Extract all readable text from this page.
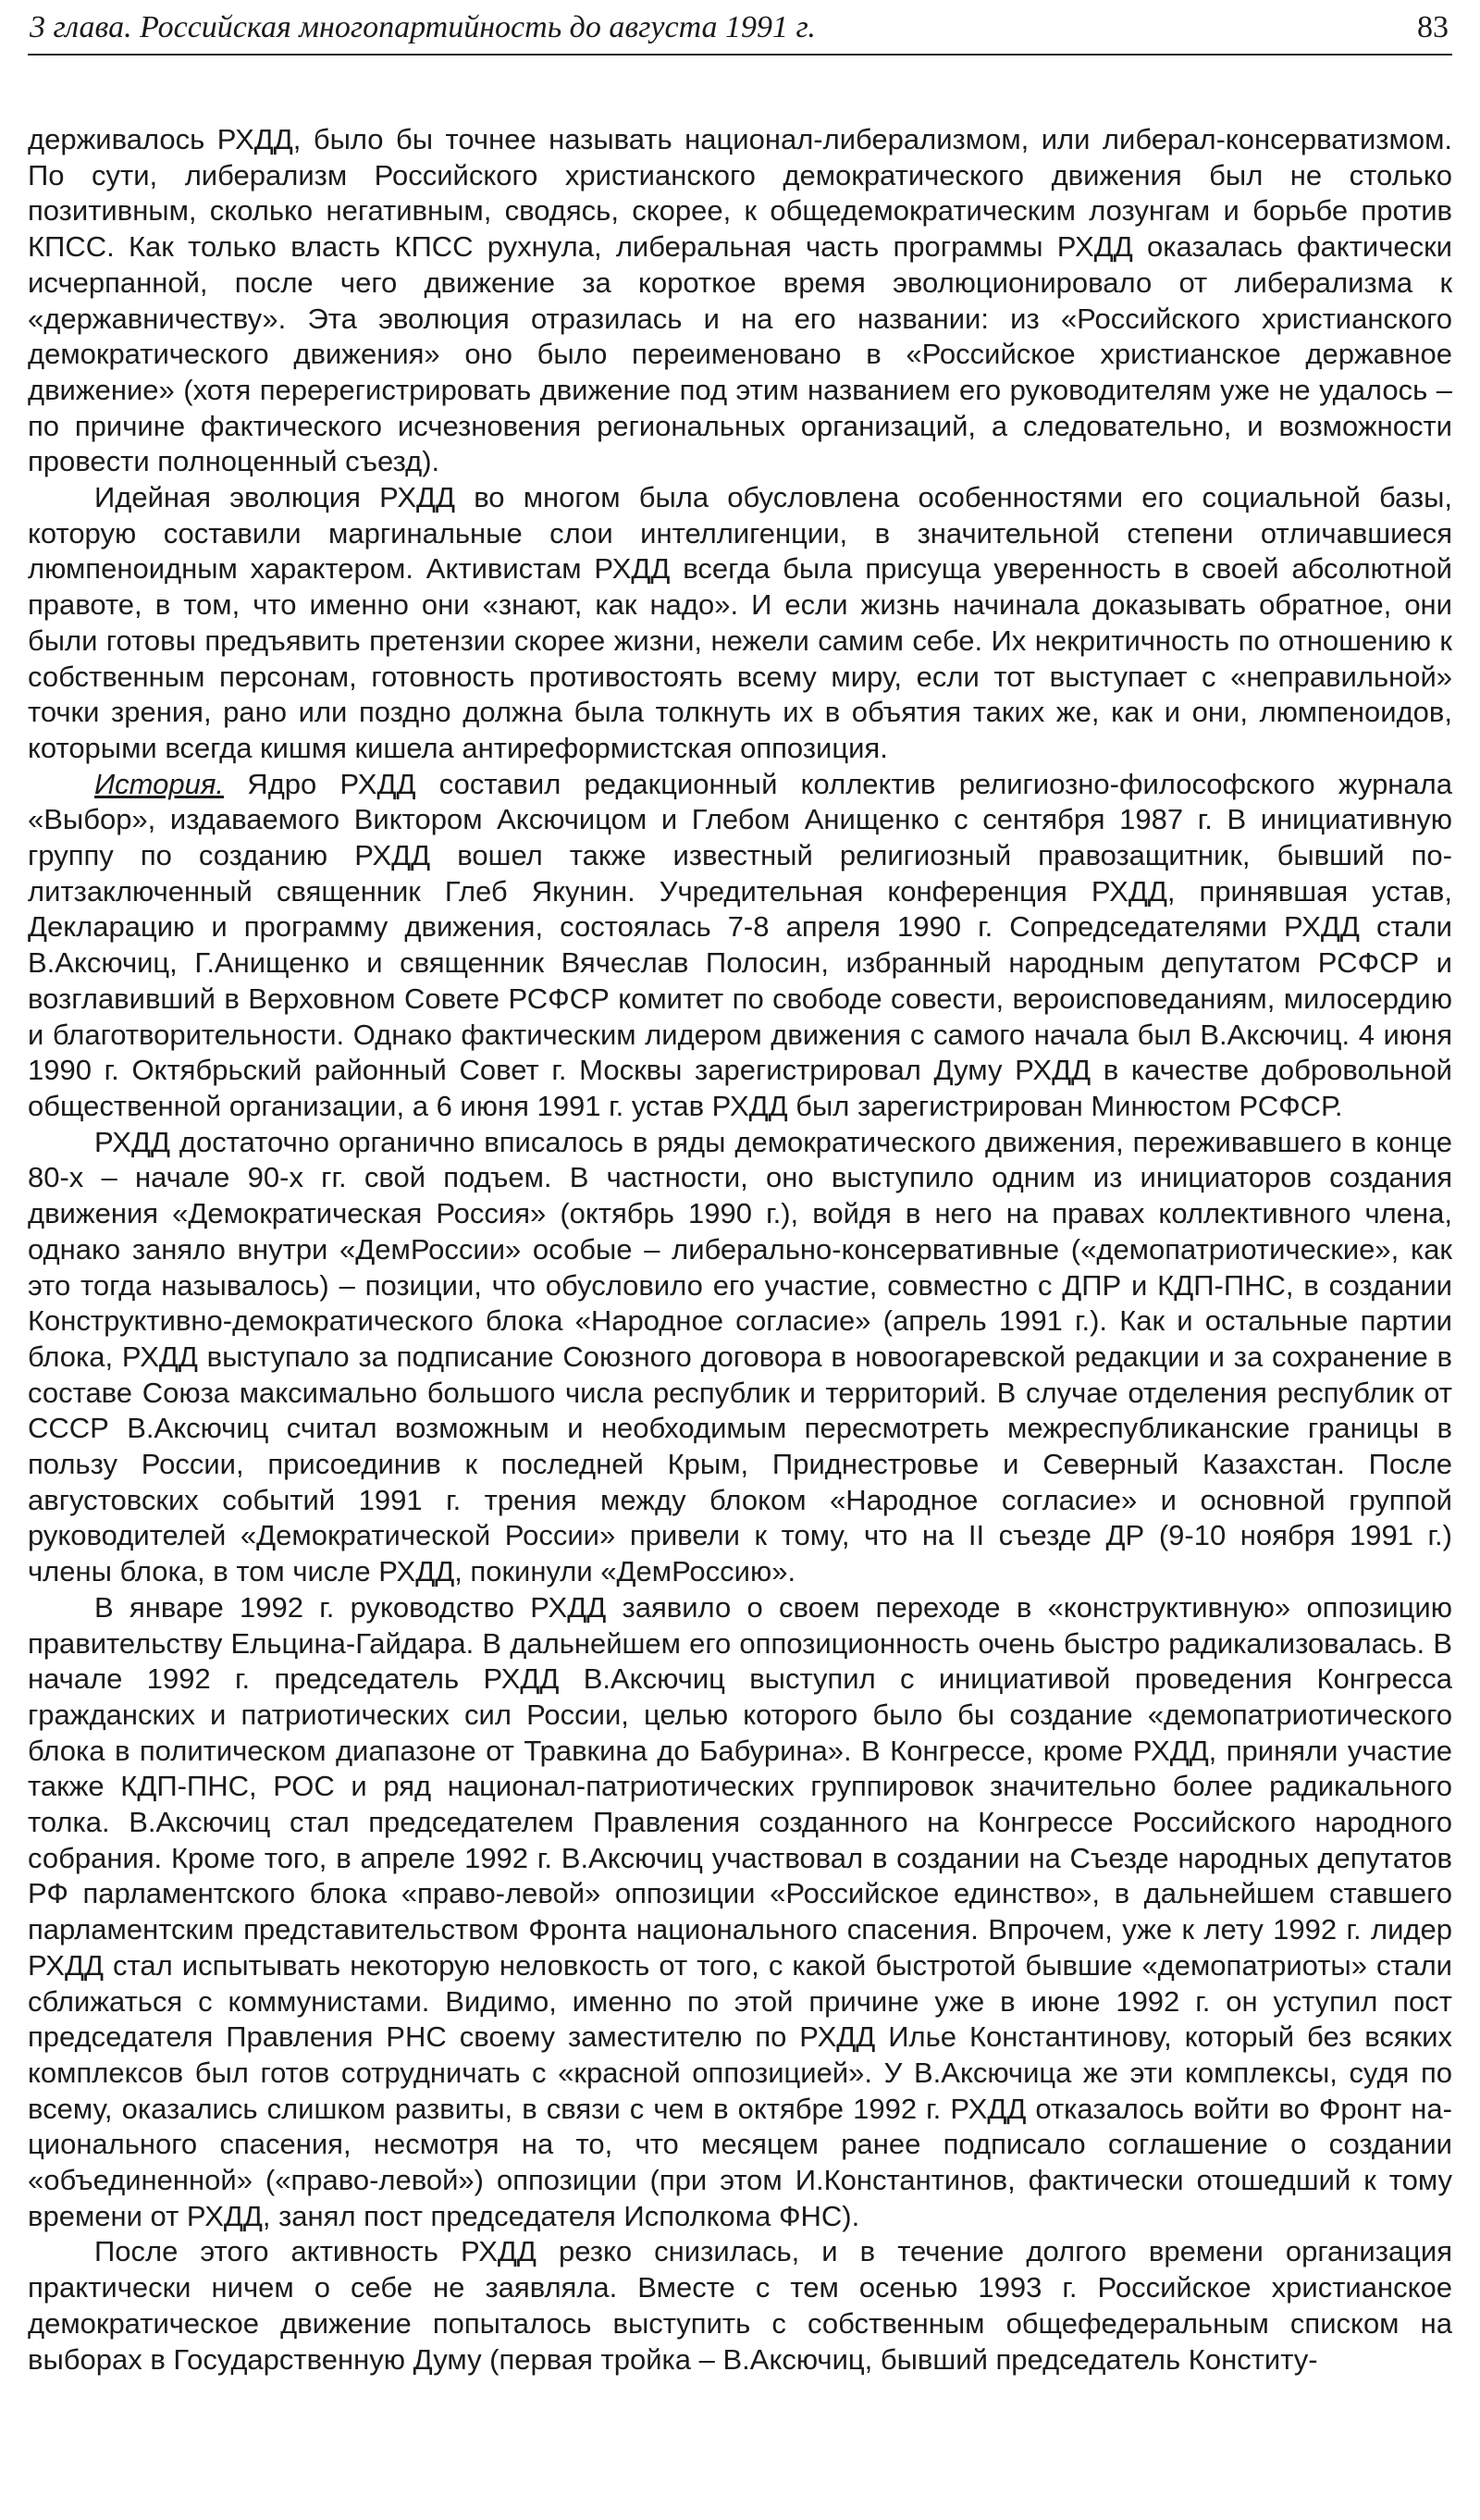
3 глава. Российская многопартийность до августа 1991 г.	83

держивалось РХДД, было бы точнее называть национал-либерализмом, или либерал-консерватизмом. По сути, либерализм Российского христианского демократического движения был не столько позитивным, сколько негативным, сводясь, скорее, к общедемократическим лозунгам и борьбе против КПСС. Как только власть КПСС рухнула, либеральная часть программы РХДД оказалась фактически исчерпанной, после чего движение за короткое время эволюционировало от либерализма к «державничеству». Эта эволюция отразилась и на его названии: из «Российского христианского демократического движения» оно было переименовано в «Российское христианское державное движение» (хотя перерегистрировать движение под этим названием его руководителям уже не удалось – по причине фактического исчезновения региональных организаций, а следовательно, и возможности провести полноценный съезд).

Идейная эволюция РХДД во многом была обусловлена особенностями его социальной базы, которую составили маргинальные слои интеллигенции, в значительной степени отличавшиеся люмпеноидным характером. Активистам РХДД всегда была присуща уверенность в своей абсолютной правоте, в том, что именно они «знают, как надо». И если жизнь начинала доказывать обратное, они были готовы предъявить претензии скорее жизни, нежели самим себе. Их некритичность по отношению к собственным персонам, готовность противостоять всему миру, если тот выступает с «неправильной» точки зрения, рано или поздно должна была толкнуть их в объятия таких же, как и они, люмпеноидов, которыми всегда кишмя кишела антиреформистская оппозиция.

История. Ядро РХДД составил редакционный коллектив религиозно-философского журнала «Выбор», издаваемого Виктором Аксючицом и Глебом Анищенко с сентября 1987 г. В инициативную группу по созданию РХДД вошел также известный религиозный правозащитник, бывший политзаключенный священник Глеб Якунин. Учредительная конференция РХДД, принявшая устав, Декларацию и программу движения, состоялась 7-8 апреля 1990 г. Сопредседателями РХДД стали В.Аксючиц, Г.Анищенко и священник Вячеслав Полосин, избранный народным депутатом РСФСР и возглавивший в Верховном Совете РСФСР комитет по свободе совести, вероисповеданиям, милосердию и благотворительности. Однако фактическим лидером движения с самого начала был В.Аксючиц. 4 июня 1990 г. Октябрьский районный Совет г. Москвы зарегистрировал Думу РХДД в качестве добровольной общественной организации, а 6 июня 1991 г. устав РХДД был зарегистрирован Минюстом РСФСР.

РХДД достаточно органично вписалось в ряды демократического движения, переживавшего в конце 80-х – начале 90-х гг. свой подъем. В частности, оно выступило одним из инициаторов создания движения «Демократическая Россия» (октябрь 1990 г.), войдя в него на правах коллективного члена, однако заняло внутри «ДемРоссии» особые – либерально-консервативные («демопатриотические», как это тогда называлось) – позиции, что обусловило его участие, совместно с ДПР и КДП-ПНС, в создании Конструктивно-демократического блока «Народное согласие» (апрель 1991 г.). Как и остальные партии блока, РХДД выступало за подписание Союзного договора в новоогаревской редакции и за сохранение в составе Союза максимально большого числа республик и территорий. В случае отделения республик от СССР В.Аксючиц считал возможным и необходимым пересмотреть межреспубликанские границы в пользу России, присоединив к последней Крым, Приднестровье и Северный Казахстан. После августовских событий 1991 г. трения между блоком «Народное согласие» и основной группой руководителей «Демократической России» привели к тому, что на II съезде ДР (9-10 ноября 1991 г.) члены блока, в том числе РХДД, покинули «ДемРоссию».

В январе 1992 г. руководство РХДД заявило о своем переходе в «конструктивную» оппозицию правительству Ельцина-Гайдара. В дальнейшем его оппозиционность очень быстро радикализовалась. В начале 1992 г. председатель РХДД В.Аксючиц выступил с инициативой проведения Конгресса гражданских и патриотических сил России, целью которого было бы создание «демопатриотического блока в политическом диапазоне от Травкина до Бабурина». В Конгрессе, кроме РХДД, приняли участие также КДП-ПНС, РОС и ряд национал-патриотических группировок значительно более радикального толка. В.Аксючиц стал председателем Правления созданного на Конгрессе Российского народного собрания. Кроме того, в апреле 1992 г. В.Аксючиц участвовал в создании на Съезде народных депутатов РФ парламентского блока «право-левой» оппозиции «Российское единство», в дальнейшем ставшего парламентским представительством Фронта национального спасения. Впрочем, уже к лету 1992 г. лидер РХДД стал испытывать некоторую неловкость от того, с какой быстротой бывшие «демопатриоты» стали сближаться с коммунистами. Видимо, именно по этой причине уже в июне 1992 г. он уступил пост председателя Правления РНС своему заместителю по РХДД Илье Константинову, который без всяких комплексов был готов сотрудничать с «красной оппозицией». У В.Аксючица же эти комплексы, судя по всему, оказались слишком развиты, в связи с чем в октябре 1992 г. РХДД отказалось войти во Фронт национального спасения, несмотря на то, что месяцем ранее подписало соглашение о создании «объединенной» («право-левой») оппозиции (при этом И.Константинов, фактически отошедший к тому времени от РХДД, занял пост председателя Исполкома ФНС).

После этого активность РХДД резко снизилась, и в течение долгого времени организация практически ничем о себе не заявляла. Вместе с тем осенью 1993 г. Российское христианское демократическое движение попыталось выступить с собственным общефедеральным списком на выборах в Государственную Думу (первая тройка – В.Аксючиц, бывший председатель Конститу-
